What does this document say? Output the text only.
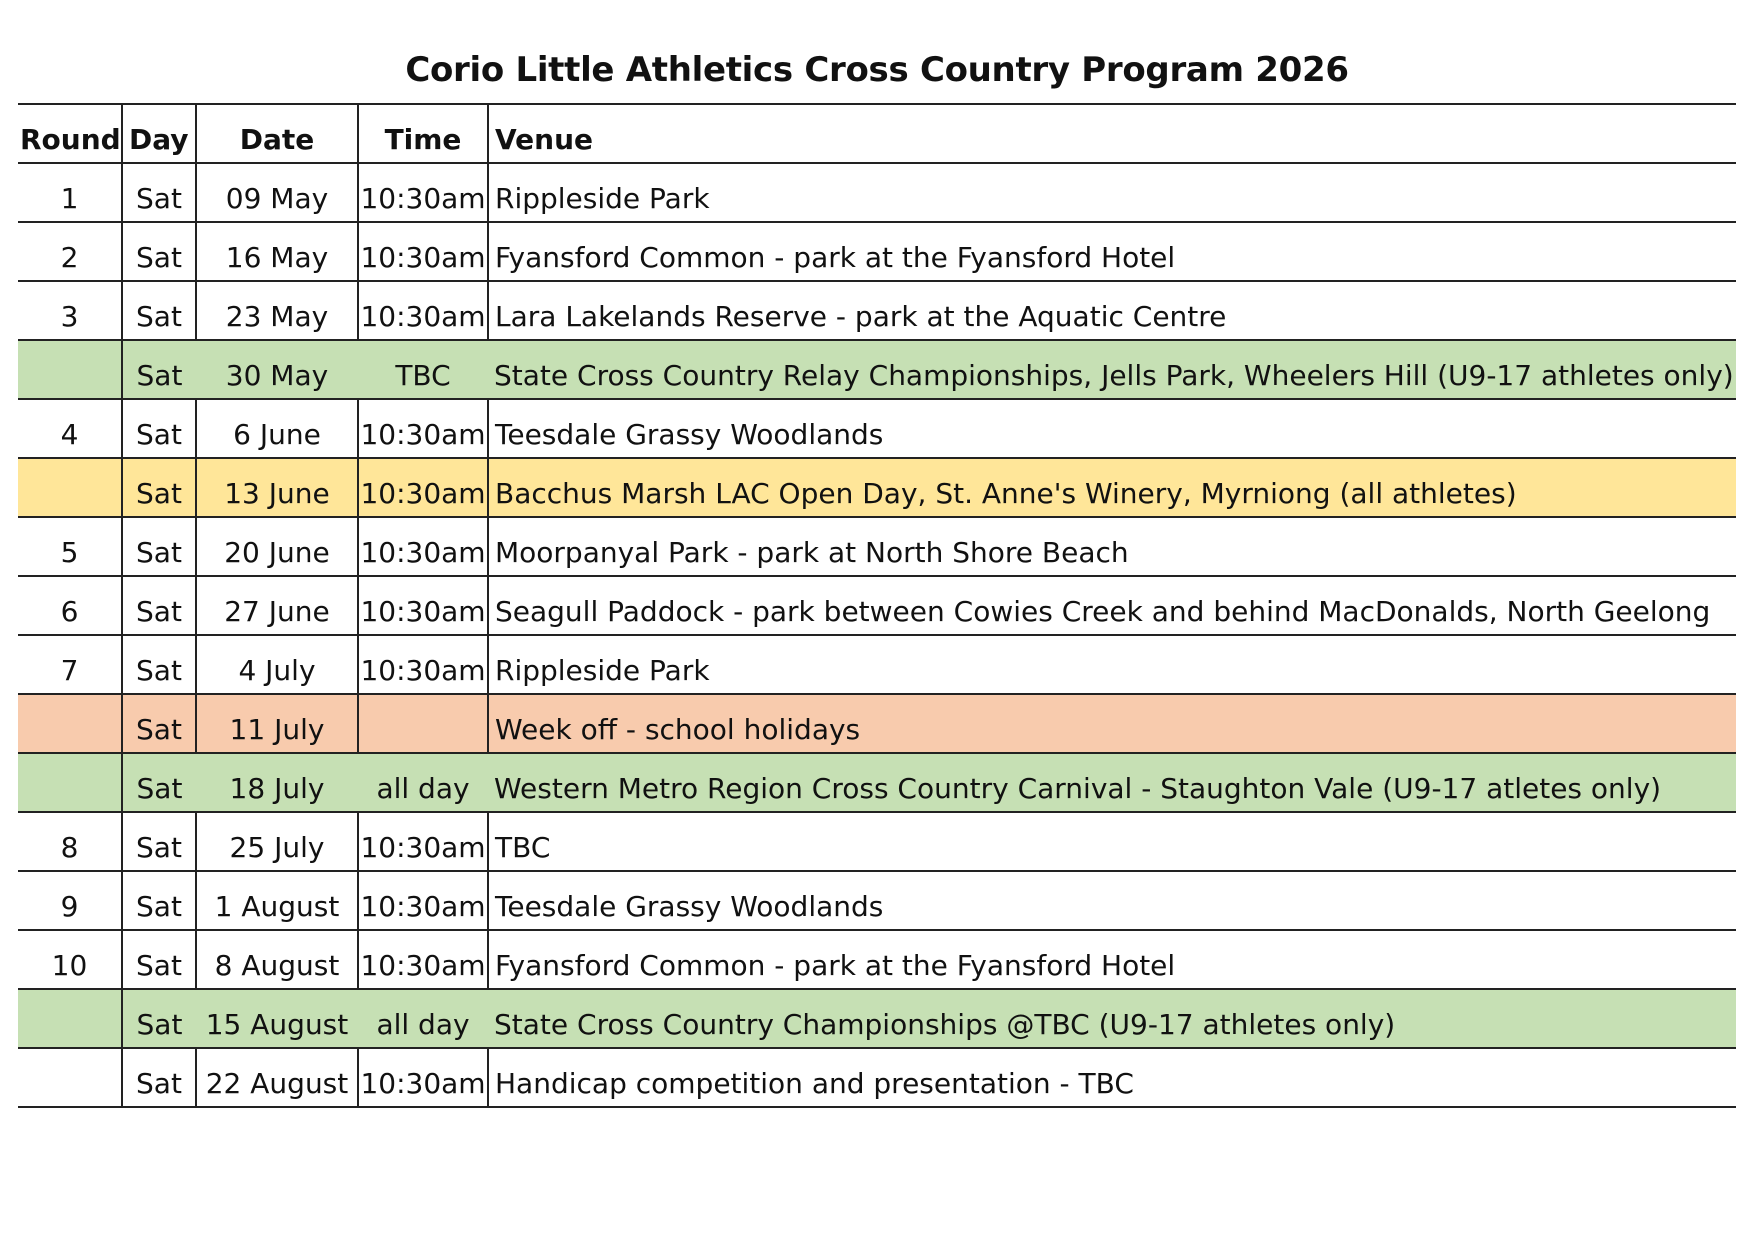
Corio Little Athletics Cross Country Program 2026
Round	Day	Date	Time	Venue
1	Sat	09 May	10:30am	Rippleside Park
2	Sat	16 May	10:30am	Fyansford Common - park at the Fyansford Hotel
3	Sat	23 May	10:30am	Lara Lakelands Reserve - park at the Aquatic Centre
	Sat	30 May	TBC	State Cross Country Relay Championships, Jells Park, Wheelers Hill (U9-17 athletes only)
4	Sat	6 June	10:30am	Teesdale Grassy Woodlands
	Sat	13 June	10:30am	Bacchus Marsh LAC Open Day, St. Anne's Winery, Myrniong (all athletes)
5	Sat	20 June	10:30am	Moorpanyal Park - park at North Shore Beach
6	Sat	27 June	10:30am	Seagull Paddock - park between Cowies Creek and behind MacDonalds, North Geelong
7	Sat	4 July	10:30am	Rippleside Park
	Sat	11 July		Week off - school holidays
	Sat	18 July	all day	Western Metro Region Cross Country Carnival - Staughton Vale (U9-17 atletes only)
8	Sat	25 July	10:30am	TBC
9	Sat	1 August	10:30am	Teesdale Grassy Woodlands
10	Sat	8 August	10:30am	Fyansford Common - park at the Fyansford Hotel
	Sat	15 August	all day	State Cross Country Championships @TBC (U9-17 athletes only)
	Sat	22 August	10:30am	Handicap competition and presentation - TBC
